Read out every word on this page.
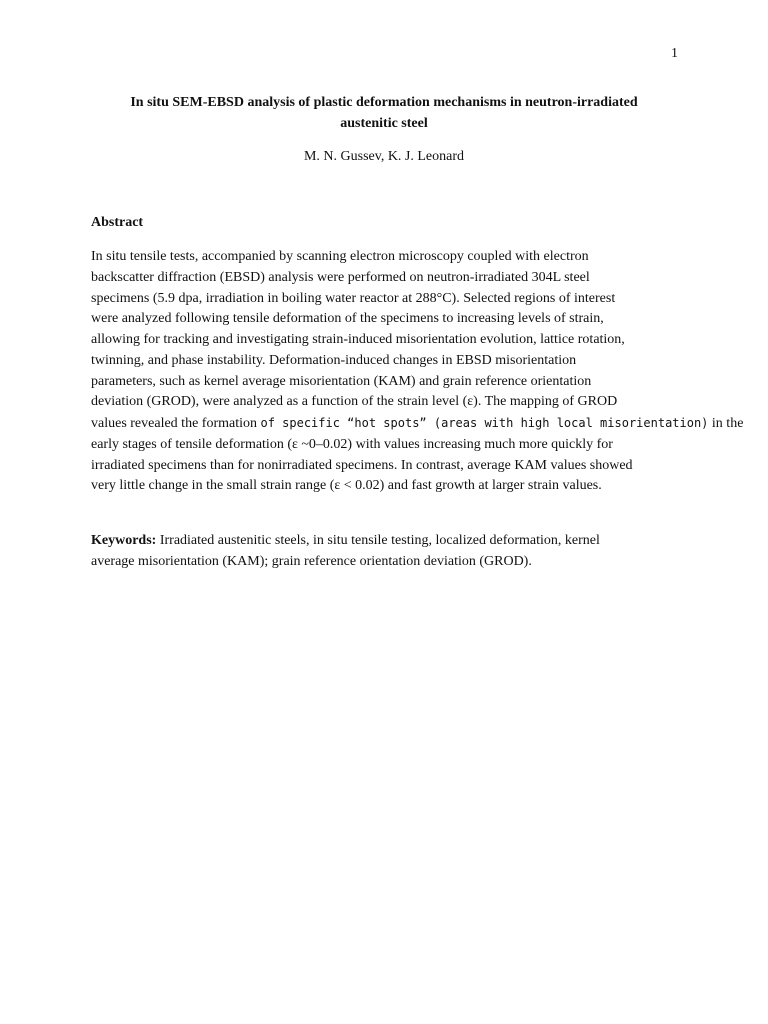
1
In situ SEM-EBSD analysis of plastic deformation mechanisms in neutron-irradiated
austenitic steel
M. N. Gussev, K. J. Leonard
Abstract
In situ tensile tests, accompanied by scanning electron microscopy coupled with electron
backscatter diffraction (EBSD) analysis were performed on neutron-irradiated 304L steel
specimens (5.9 dpa, irradiation in boiling water reactor at 288°C). Selected regions of interest
were analyzed following tensile deformation of the specimens to increasing levels of strain,
allowing for tracking and investigating strain-induced misorientation evolution, lattice rotation,
twinning, and phase instability. Deformation-induced changes in EBSD misorientation
parameters, such as kernel average misorientation (KAM) and grain reference orientation
deviation (GROD), were analyzed as a function of the strain level (ε). The mapping of GROD
values revealed the formation of specific “hot spots” (areas with high local misorientation) in the
early stages of tensile deformation (ε ~0–0.02) with values increasing much more quickly for
irradiated specimens than for nonirradiated specimens. In contrast, average KAM values showed
very little change in the small strain range (ε < 0.02) and fast growth at larger strain values.
Keywords: Irradiated austenitic steels, in situ tensile testing, localized deformation, kernel
average misorientation (KAM); grain reference orientation deviation (GROD).
